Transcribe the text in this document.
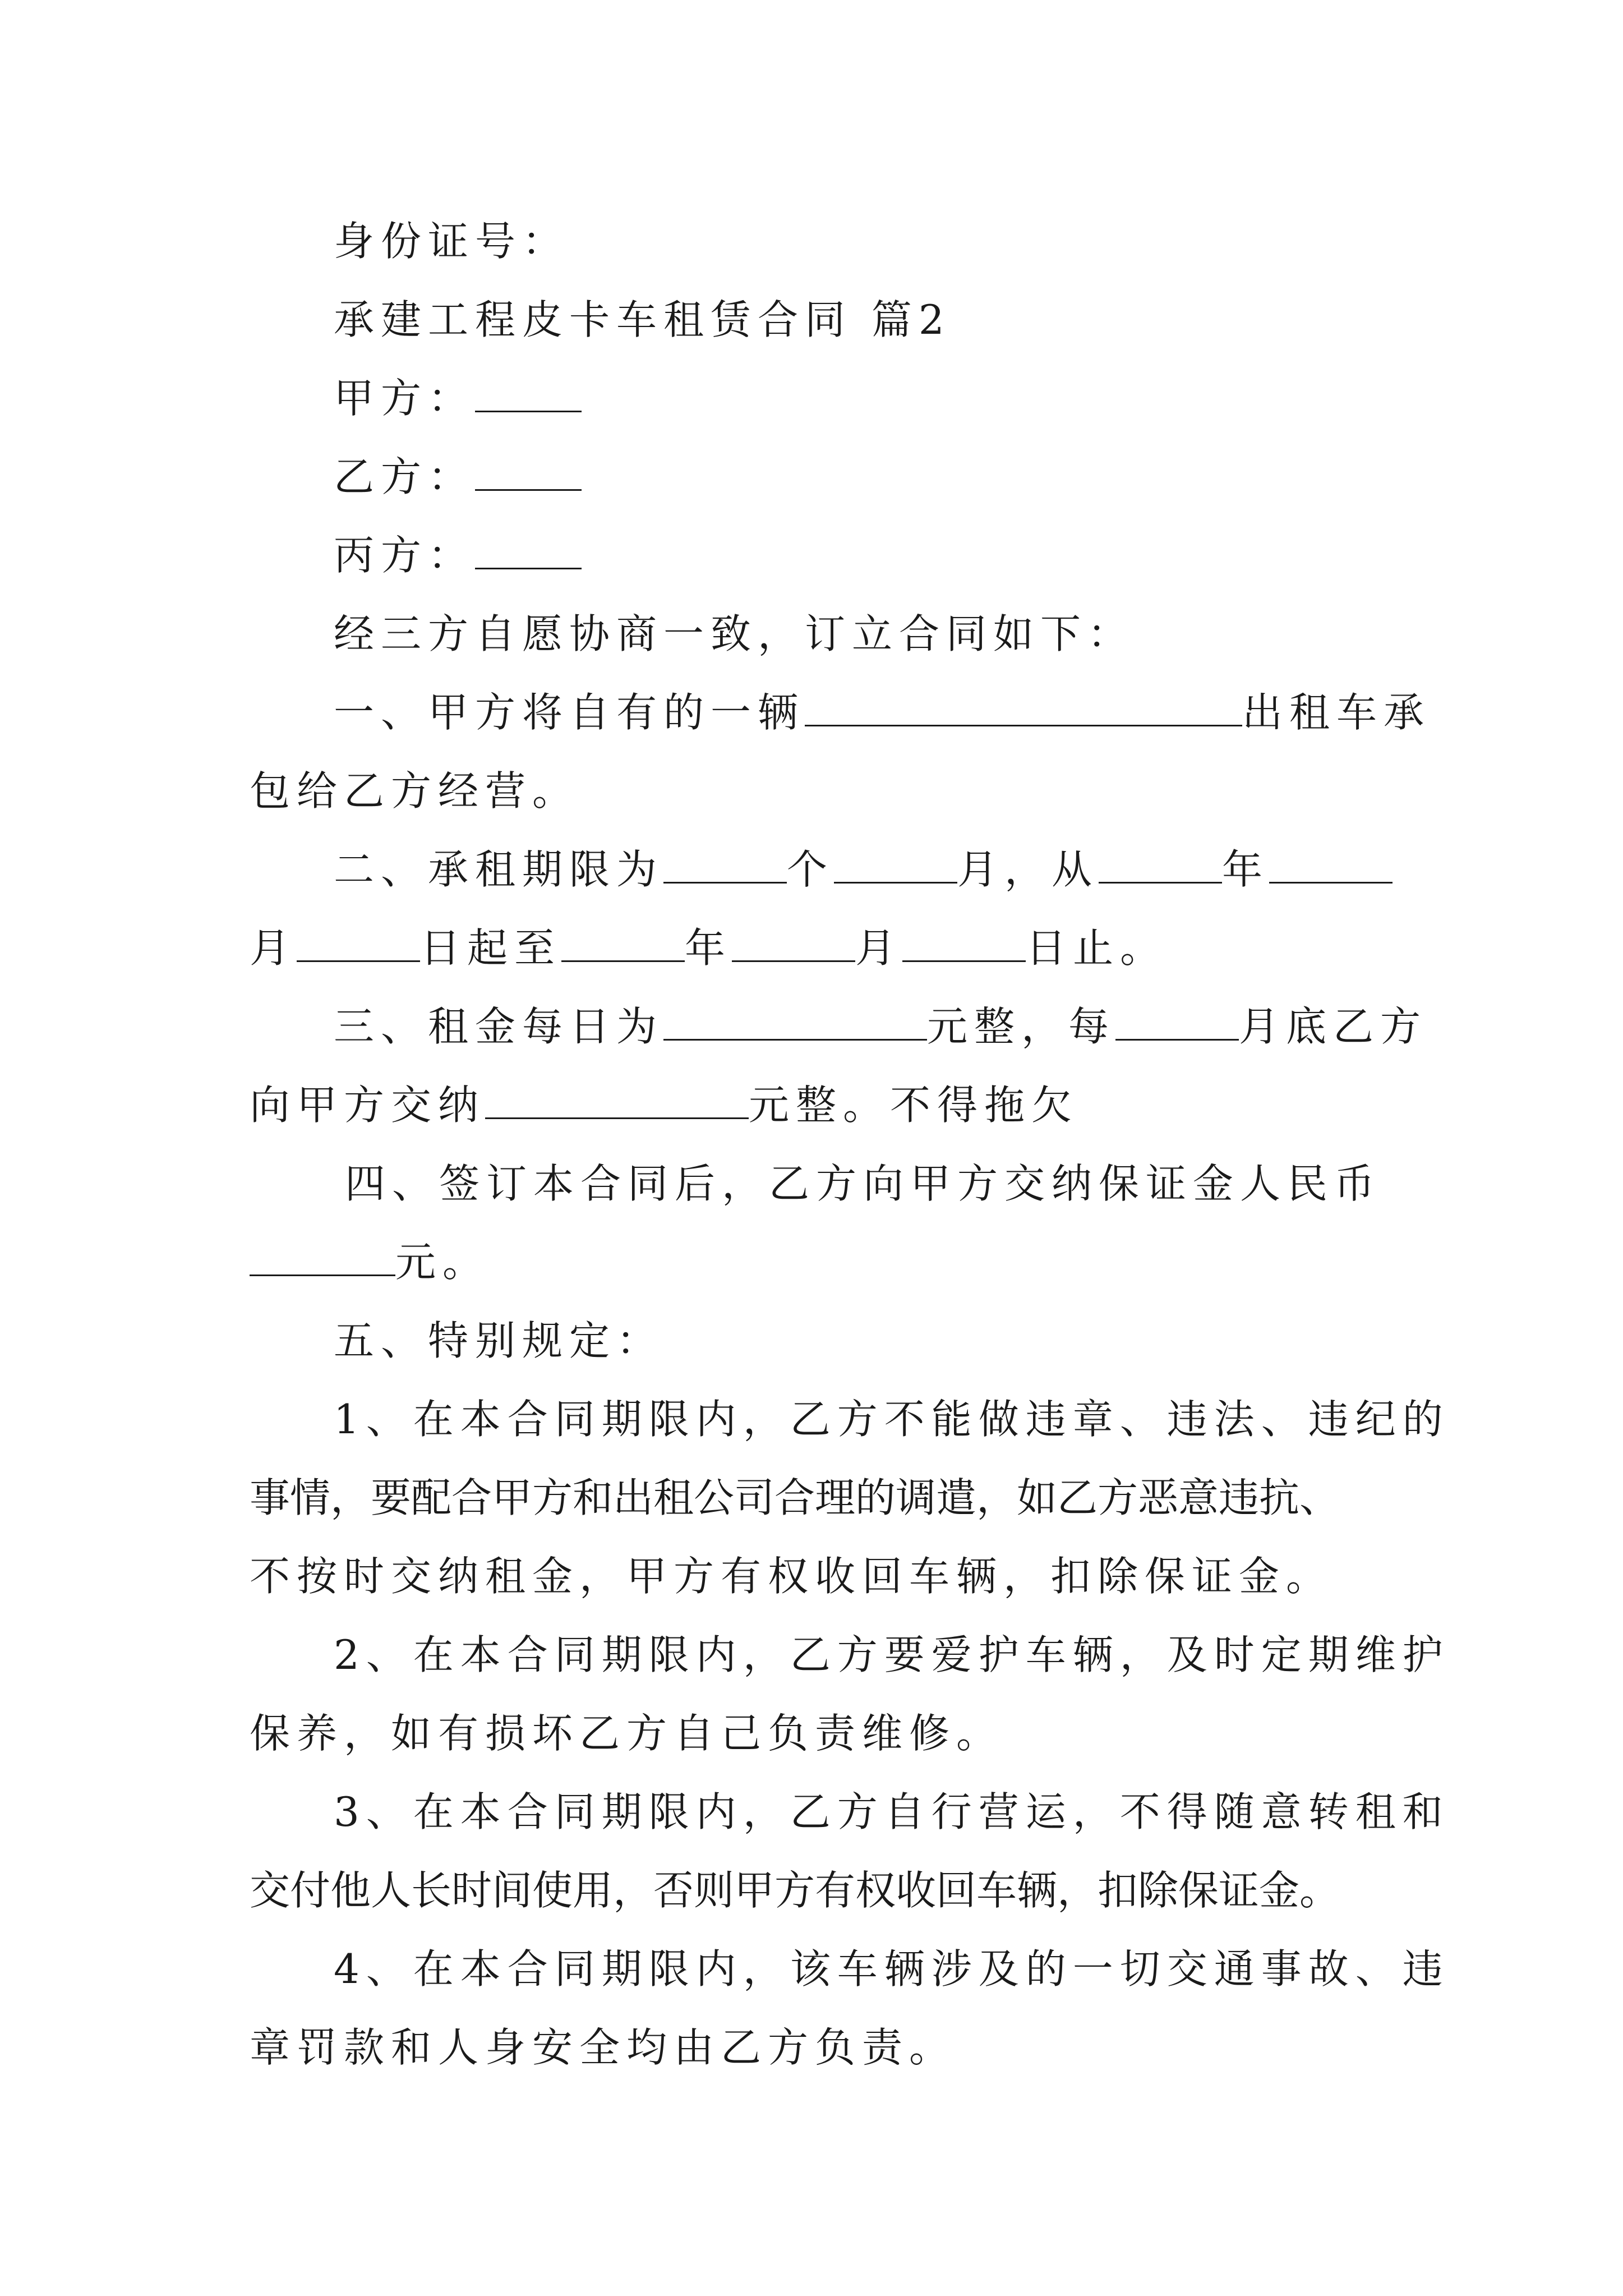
身份证号：
承建工程皮卡车租赁合同 篇2
甲方：
乙方：
丙方：
经三方自愿协商一致，订立合同如下：
一、甲方将自有的一辆	出租车承
包给乙方经营。
二、承租期限为	个	月，从	年
月	日起至	年	月	日止。
三、租金每日为	元整，每	月底乙方
向甲方交纳	元整。不得拖欠
四、签订本合同后，乙方向甲方交纳保证金人民币
元。
五、特别规定：
1、在本合同期限内，乙方不能做违章、违法、违纪的
事情，要配合甲方和出租公司合理的调遣，如乙方恶意违抗、
不按时交纳租金，甲方有权收回车辆，扣除保证金。
2、在本合同期限内，乙方要爱护车辆，及时定期维护
保养，如有损坏乙方自己负责维修。
3、在本合同期限内，乙方自行营运，不得随意转租和
交付他人长时间使用，否则甲方有权收回车辆，扣除保证金。
4、在本合同期限内，该车辆涉及的一切交通事故、违
章罚款和人身安全均由乙方负责。
